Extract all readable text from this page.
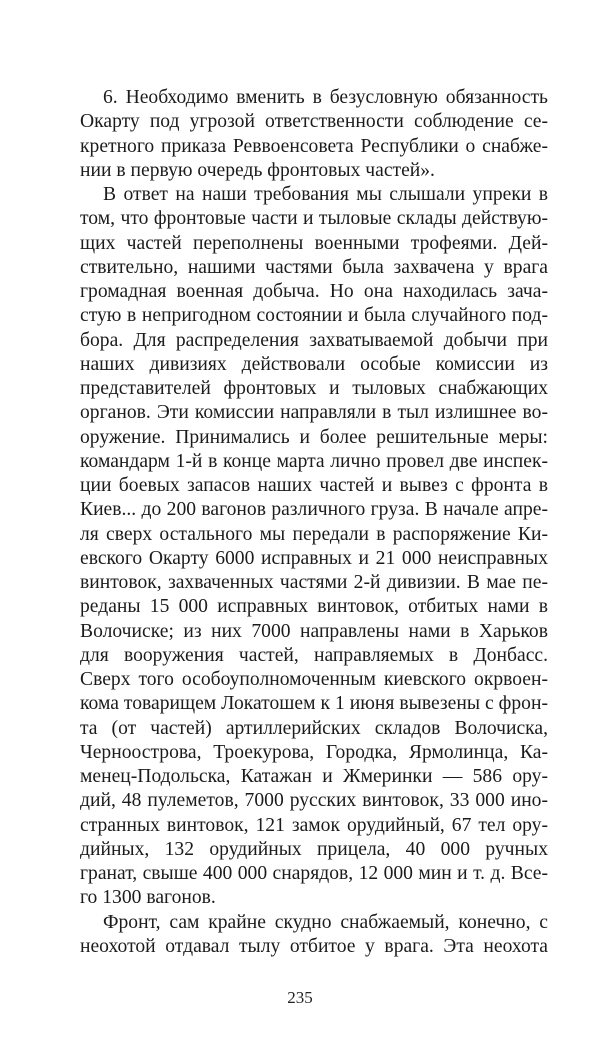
6. Необходимо вменить в безусловную обязанность
Окарту под угрозой ответственности соблюдение се-
кретного приказа Реввоенсовета Республики о снабже-
нии в первую очередь фронтовых частей».
В ответ на наши требования мы слышали упреки в
том, что фронтовые части и тыловые склады действую-
щих частей переполнены военными трофеями. Дей-
ствительно, нашими частями была захвачена у врага
громадная военная добыча. Но она находилась зача-
стую в непригодном состоянии и была случайного под-
бора. Для распределения захватываемой добычи при
наших дивизиях действовали особые комиссии из
представителей фронтовых и тыловых снабжающих
органов. Эти комиссии направляли в тыл излишнее во-
оружение. Принимались и более решительные меры:
командарм 1-й в конце марта лично провел две инспек-
ции боевых запасов наших частей и вывез с фронта в
Киев... до 200 вагонов различного груза. В начале апре-
ля сверх остального мы передали в распоряжение Ки-
евского Окарту 6000 исправных и 21 000 неисправных
винтовок, захваченных частями 2-й дивизии. В мае пе-
реданы 15 000 исправных винтовок, отбитых нами в
Волочиске; из них 7000 направлены нами в Харьков
для вооружения частей, направляемых в Донбасс.
Сверх того особоуполномоченным киевского окрвоен-
кома товарищем Локатошем к 1 июня вывезены с фрон-
та (от частей) артиллерийских складов Волочиска,
Черноострова, Троекурова, Городка, Ярмолинца, Ка-
менец-Подольска, Катажан и Жмеринки — 586 ору-
дий, 48 пулеметов, 7000 русских винтовок, 33 000 ино-
странных винтовок, 121 замок орудийный, 67 тел ору-
дийных, 132 орудийных прицела, 40 000 ручных
гранат, свыше 400 000 снарядов, 12 000 мин и т. д. Все-
го 1300 вагонов.
Фронт, сам крайне скудно снабжаемый, конечно, с
неохотой отдавал тылу отбитое у врага. Эта неохота
235
